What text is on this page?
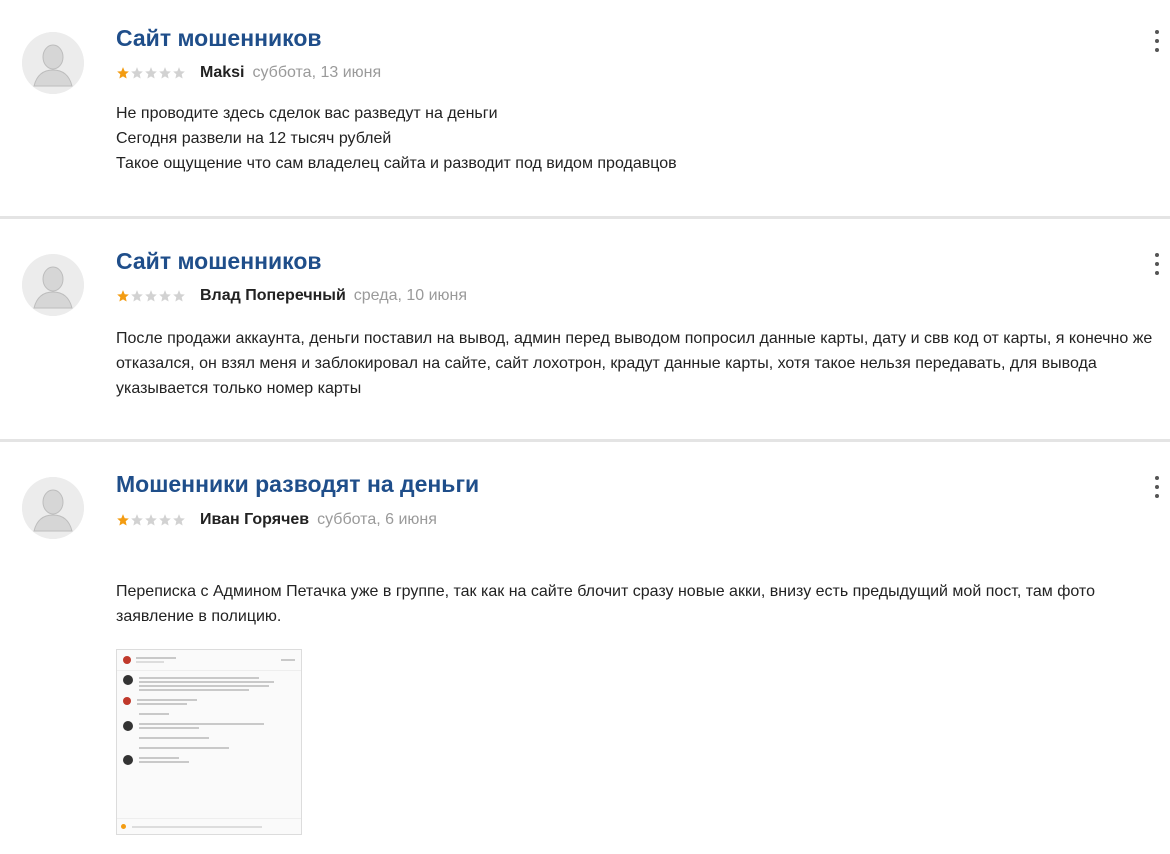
Сайт мошенников
Maksi суббота, 13 июня

Не проводите здесь сделок вас разведут на деньги

Сегодня развели на 12 тысяч рублей

Такое ощущение что сам владелец сайта и разводит под видом продавцов

Сайт мошенников
Влад Поперечный среда, 10 июня

После продажи аккаунта, деньги поставил на вывод, админ перед выводом попросил данные карты, дату и свв код от карты, я конечно же отказался, он взял меня и заблокировал на сайте, сайт лохотрон, крадут данные карты, хотя такое нельзя передавать, для вывода указывается только номер карты

Мошенники разводят на деньги
Иван Горячев суббота, 6 июня

Переписка с Админом Петачка уже в группе, так как на сайте блочит сразу новые акки, внизу есть предыдущий мой пост, там фото заявление в полицию.
